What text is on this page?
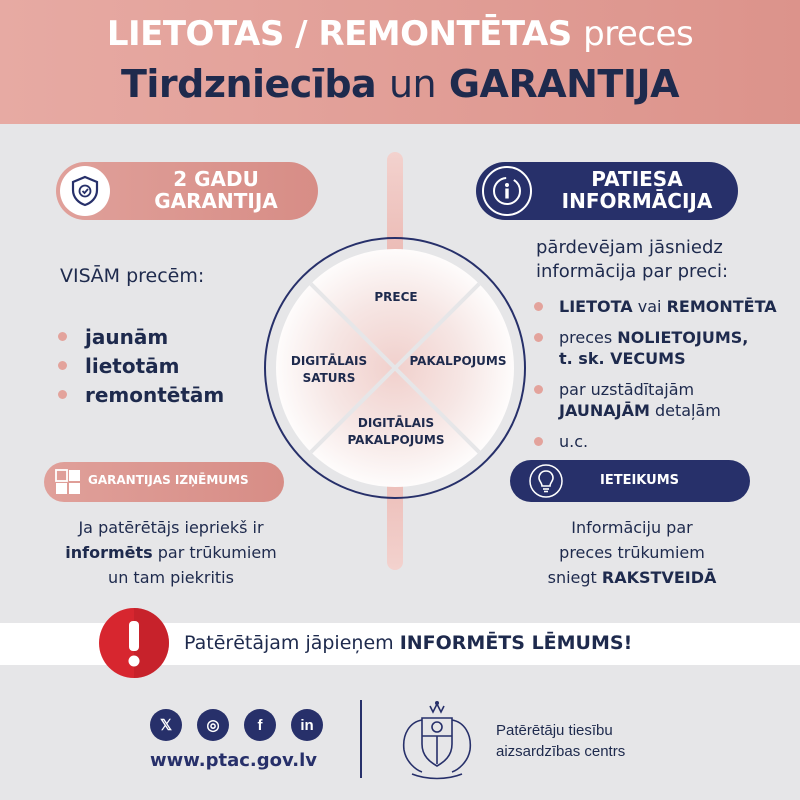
LIETOTAS / REMONTĒTAS preces
Tirdzniecība un GARANTIJA
2 GADU
GARANTIJA
VISĀM precēm:
jaunām
lietotām
remontētām
PRECE
DIGITĀLAIS
SATURS
PAKALPOJUMS
DIGITĀLAIS
PAKALPOJUMS
PATIESA
INFORMĀCIJA
pārdevējam jāsniedz
informācija par preci:
LIETOTA vai REMONTĒTA
preces NOLIETOJUMS,
t. sk. VECUMS
par uzstādītajām
JAUNAJĀM detaļām
u.c.
GARANTIJAS IZŅĒMUMS
Ja patērētājs iepriekš ir
informēts par trūkumiem
un tam piekritis
IETEIKUMS
Informāciju par
preces trūkumiem
sniegt RAKSTVEIDĀ
Patērētājam jāpieņem INFORMĒTS LĒMUMS!
𝕏	◎	f	in
www.ptac.gov.lv
Patērētāju tiesību
aizsardzības centrs
